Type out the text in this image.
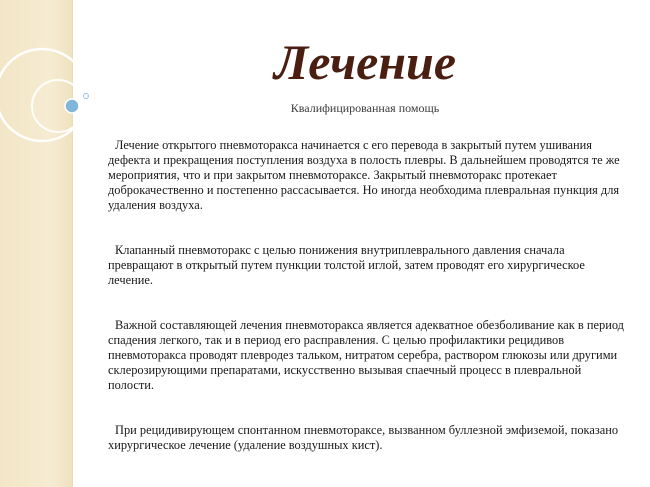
Лечение
Квалифицированная помощь

Лечение открытого пневмоторакса начинается с его перевода в закрытый путем ушивания дефекта и прекращения поступления воздуха в полость плевры. В дальнейшем проводятся те же мероприятия, что и при закрытом пневмотораксе. Закрытый пневмоторакс протекает доброкачественно и постепенно рассасывается. Но иногда необходима плевральная пункция для удаления воздуха.

Клапанный пневмоторакс с целью понижения внутриплеврального давления сначала превращают в открытый путем пункции толстой иглой, затем проводят его хирургическое лечение.

Важной составляющей лечения пневмоторакса является адекватное обезболивание как в период спадения легкого, так и в период его расправления. С целью профилактики рецидивов пневмоторакса проводят плевродез тальком, нитратом серебра, раствором глюкозы или другими склерозирующими препаратами, искусственно вызывая спаечный процесс в плевральной полости.

При рецидивирующем спонтанном пневмотораксе, вызванном буллезной эмфиземой, показано хирургическое лечение (удаление воздушных кист).
